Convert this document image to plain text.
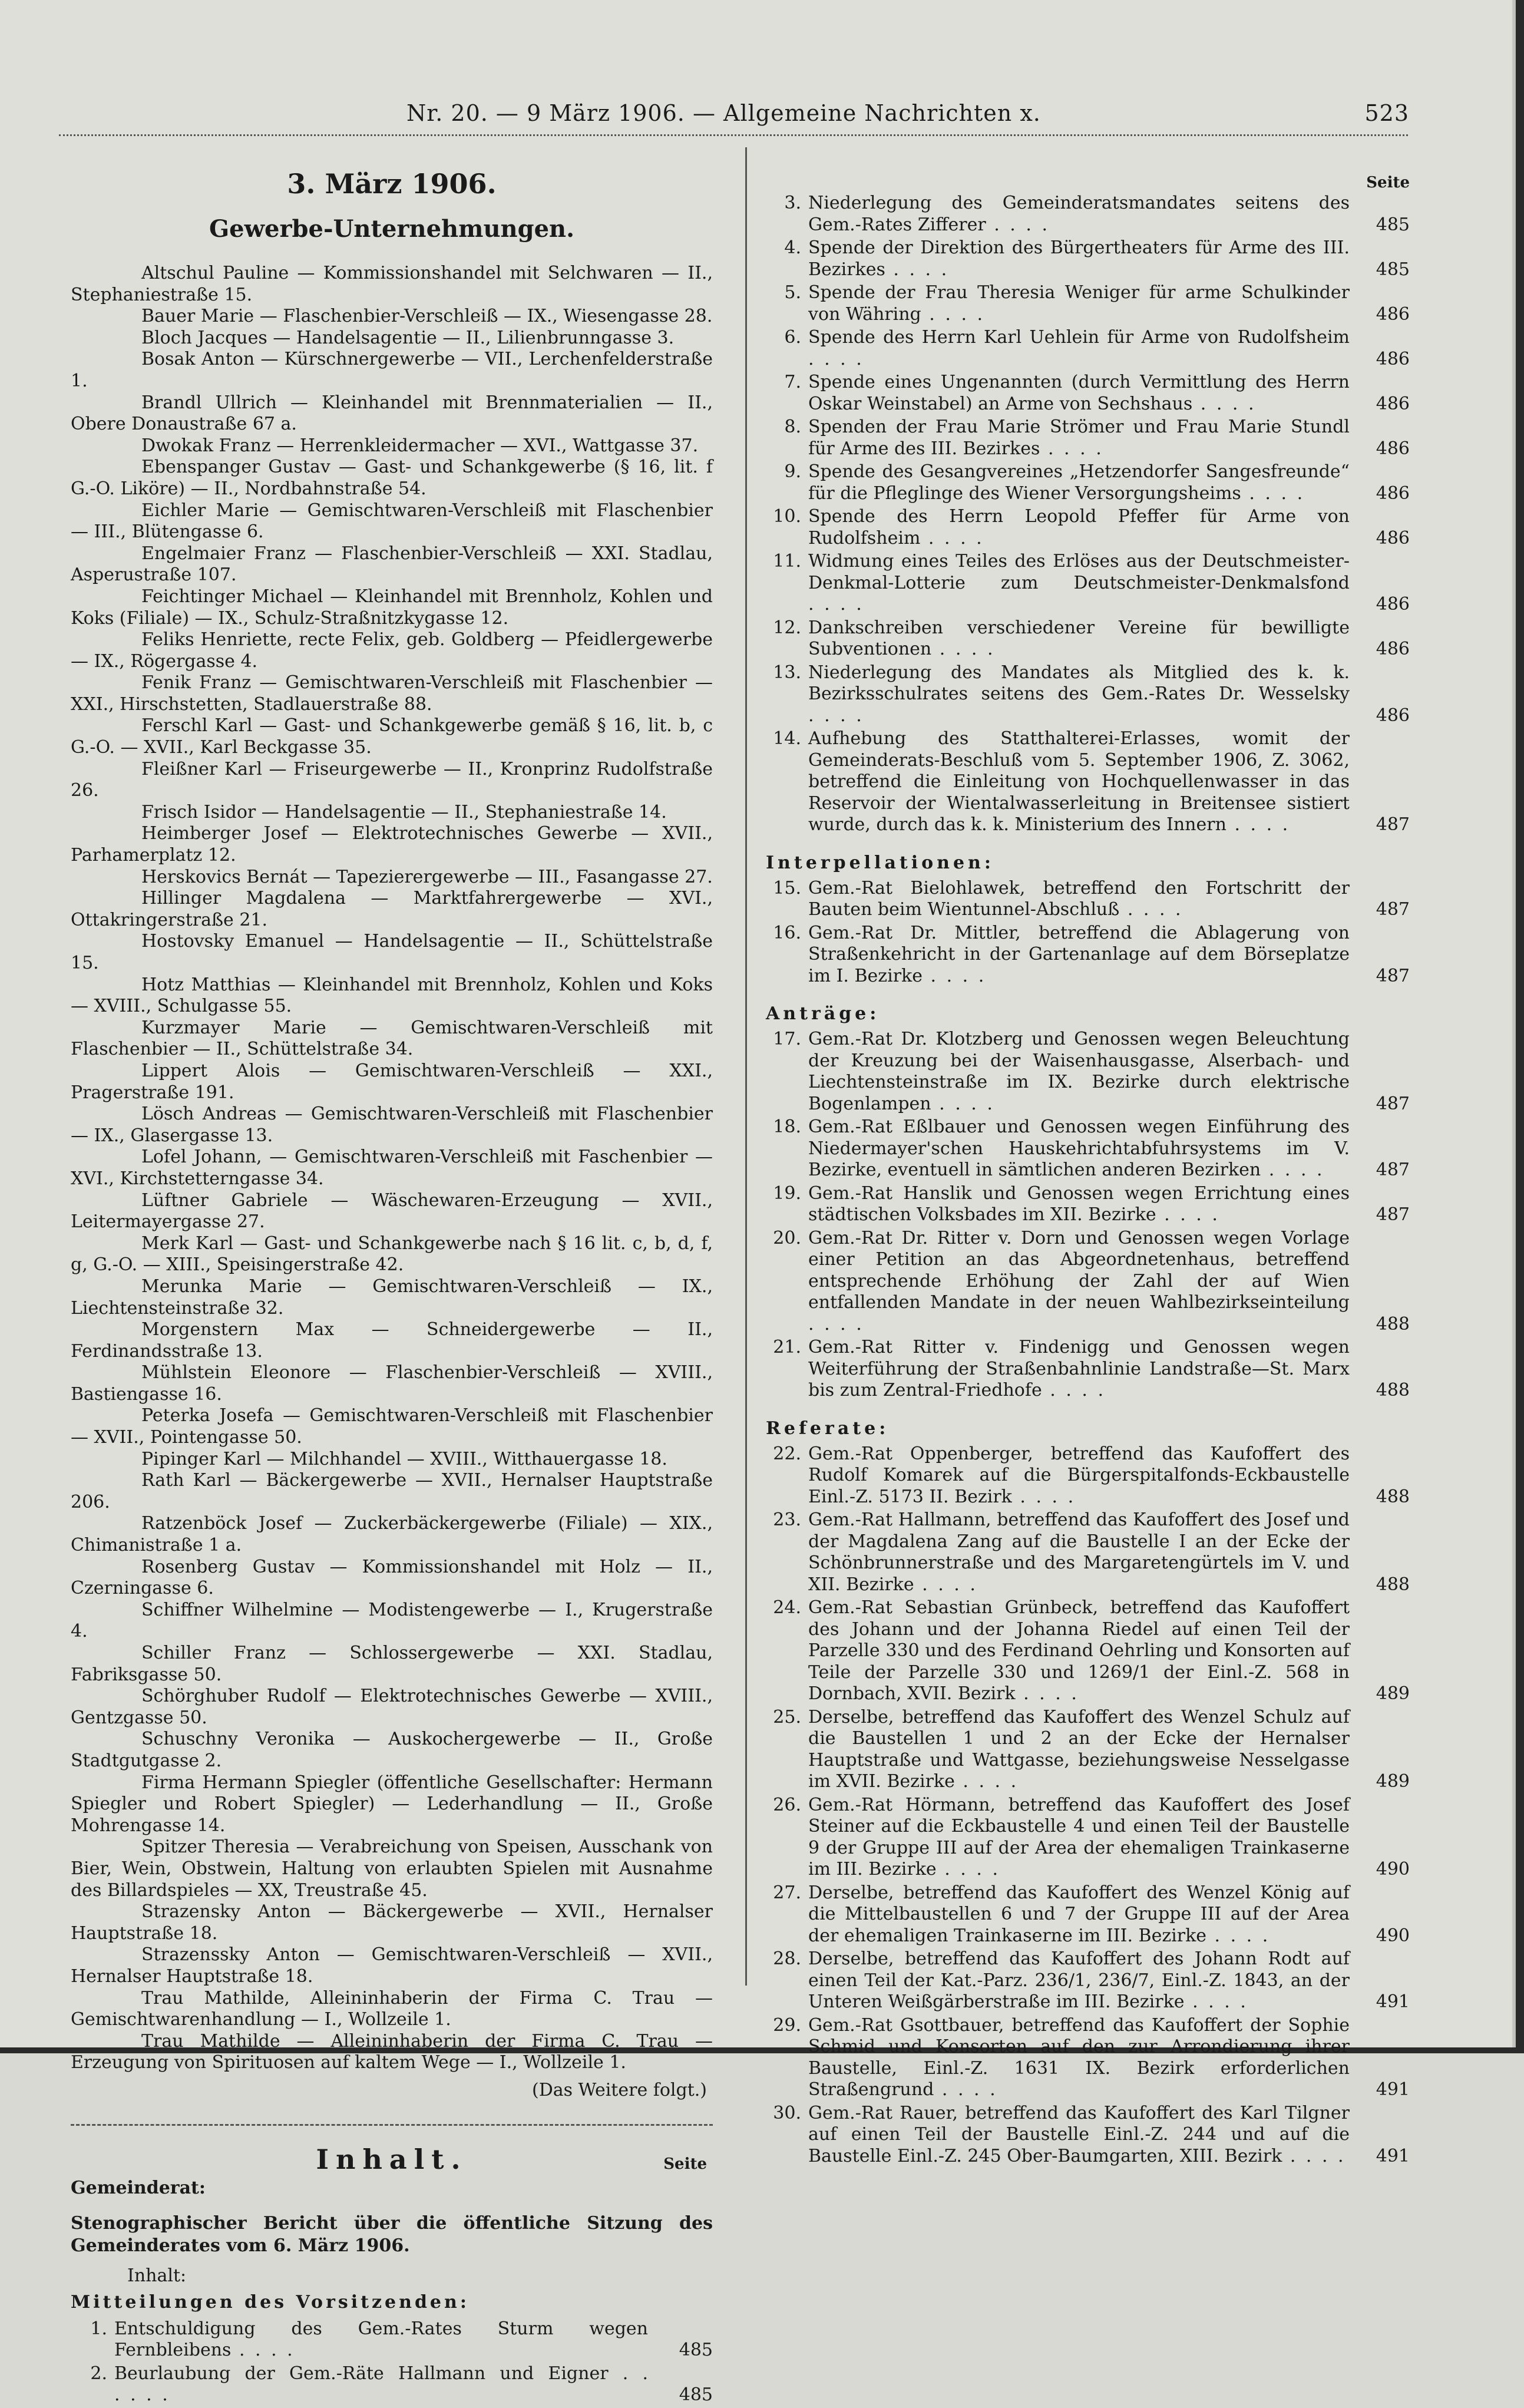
Nr. 20. — 9 März 1906. — Allgemeine Nachrichten x.	523
3. März 1906.
Gewerbe-Unternehmungen.

Altschul Pauline — Kommissionshandel mit Selchwaren — II., Stephaniestraße 15.

Bauer Marie — Flaschenbier-Verschleiß — IX., Wiesengasse 28.

Bloch Jacques — Handelsagentie — II., Lilienbrunngasse 3.

Bosak Anton — Kürschnergewerbe — VII., Lerchenfelderstraße 1.

Brandl Ullrich — Kleinhandel mit Brennmaterialien — II., Obere Donaustraße 67 a.

Dwokak Franz — Herrenkleidermacher — XVI., Wattgasse 37.

Ebenspanger Gustav — Gast- und Schankgewerbe (§ 16, lit. f G.-O. Liköre) — II., Nordbahnstraße 54.

Eichler Marie — Gemischtwaren-Verschleiß mit Flaschenbier — III., Blütengasse 6.

Engelmaier Franz — Flaschenbier-Verschleiß — XXI. Stadlau, Asperustraße 107.

Feichtinger Michael — Kleinhandel mit Brennholz, Kohlen und Koks (Filiale) — IX., Schulz-Straßnitzkygasse 12.

Feliks Henriette, recte Felix, geb. Goldberg — Pfeidlergewerbe — IX., Rögergasse 4.

Fenik Franz — Gemischtwaren-Verschleiß mit Flaschenbier — XXI., Hirschstetten, Stadlauerstraße 88.

Ferschl Karl — Gast- und Schankgewerbe gemäß § 16, lit. b, c G.-O. — XVII., Karl Beckgasse 35.

Fleißner Karl — Friseurgewerbe — II., Kronprinz Rudolfstraße 26.

Frisch Isidor — Handelsagentie — II., Stephaniestraße 14.

Heimberger Josef — Elektrotechnisches Gewerbe — XVII., Parhamerplatz 12.

Herskovics Bernát — Tapezierergewerbe — III., Fasangasse 27.

Hillinger Magdalena — Marktfahrergewerbe — XVI., Ottakringerstraße 21.

Hostovsky Emanuel — Handelsagentie — II., Schüttelstraße 15.

Hotz Matthias — Kleinhandel mit Brennholz, Kohlen und Koks — XVIII., Schulgasse 55.

Kurzmayer Marie — Gemischtwaren-Verschleiß mit Flaschenbier — II., Schüttelstraße 34.

Lippert Alois — Gemischtwaren-Verschleiß — XXI., Pragerstraße 191.

Lösch Andreas — Gemischtwaren-Verschleiß mit Flaschenbier — IX., Glasergasse 13.

Lofel Johann, — Gemischtwaren-Verschleiß mit Faschenbier — XVI., Kirchstetterngasse 34.

Lüftner Gabriele — Wäschewaren-Erzeugung — XVII., Leitermayergasse 27.

Merk Karl — Gast- und Schankgewerbe nach § 16 lit. c, b, d, f, g, G.-O. — XIII., Speisingerstraße 42.

Merunka Marie — Gemischtwaren-Verschleiß — IX., Liechtensteinstraße 32.

Morgenstern Max — Schneidergewerbe — II., Ferdinandsstraße 13.

Mühlstein Eleonore — Flaschenbier-Verschleiß — XVIII., Bastiengasse 16.

Peterka Josefa — Gemischtwaren-Verschleiß mit Flaschenbier — XVII., Pointengasse 50.

Pipinger Karl — Milchhandel — XVIII., Witthauergasse 18.

Rath Karl — Bäckergewerbe — XVII., Hernalser Hauptstraße 206.

Ratzenböck Josef — Zuckerbäckergewerbe (Filiale) — XIX., Chimanistraße 1 a.

Rosenberg Gustav — Kommissionshandel mit Holz — II., Czerningasse 6.

Schiffner Wilhelmine — Modistengewerbe — I., Krugerstraße 4.

Schiller Franz — Schlossergewerbe — XXI. Stadlau, Fabriksgasse 50.

Schörghuber Rudolf — Elektrotechnisches Gewerbe — XVIII., Gentzgasse 50.

Schuschny Veronika — Auskochergewerbe — II., Große Stadtgutgasse 2.

Firma Hermann Spiegler (öffentliche Gesellschafter: Hermann Spiegler und Robert Spiegler) — Lederhandlung — II., Große Mohrengasse 14.

Spitzer Theresia — Verabreichung von Speisen, Ausschank von Bier, Wein, Obstwein, Haltung von erlaubten Spielen mit Ausnahme des Billardspieles — XX, Treustraße 45.

Strazensky Anton — Bäckergewerbe — XVII., Hernalser Hauptstraße 18.

Strazenssky Anton — Gemischtwaren-Verschleiß — XVII., Hernalser Hauptstraße 18.

Trau Mathilde, Alleininhaberin der Firma C. Trau — Gemischtwarenhandlung — I., Wollzeile 1.

Trau Mathilde — Alleininhaberin der Firma C. Trau — Erzeugung von Spirituosen auf kaltem Wege — I., Wollzeile 1.

(Das Weitere folgt.)
Inhalt.	Seite
Gemeinderat:
Stenographischer Bericht über die öffentliche Sitzung des Gemeinderates vom 6. März 1906.
Inhalt:
Mitteilungen des Vorsitzenden:
1. Entschuldigung des Gem.-Rates Sturm wegen Fernbleibens . . . .	485
2. Beurlaubung der Gem.-Räte Hallmann und Eigner . . . . . .	485
Seite
3. Niederlegung des Gemeinderatsmandates seitens des Gem.-Rates Zifferer . . . .	485
4. Spende der Direktion des Bürgertheaters für Arme des III. Bezirkes . . . .	485
5. Spende der Frau Theresia Weniger für arme Schulkinder von Währing . . . .	486
6. Spende des Herrn Karl Uehlein für Arme von Rudolfsheim . . . .	486
7. Spende eines Ungenannten (durch Vermittlung des Herrn Oskar Weinstabel) an Arme von Sechshaus . . . .	486
8. Spenden der Frau Marie Strömer und Frau Marie Stundl für Arme des III. Bezirkes . . . .	486
9. Spende des Gesangvereines „Hetzendorfer Sangesfreunde“ für die Pfleglinge des Wiener Versorgungsheims . . . .	486
10. Spende des Herrn Leopold Pfeffer für Arme von Rudolfsheim . . . .	486
11. Widmung eines Teiles des Erlöses aus der Deutschmeister-Denkmal-Lotterie zum Deutschmeister-Denkmalsfond . . . .	486
12. Dankschreiben verschiedener Vereine für bewilligte Subventionen . . . .	486
13. Niederlegung des Mandates als Mitglied des k. k. Bezirksschulrates seitens des Gem.-Rates Dr. Wesselsky . . . .	486
14. Aufhebung des Statthalterei-Erlasses, womit der Gemeinderats-Beschluß vom 5. September 1906, Z. 3062, betreffend die Einleitung von Hochquellenwasser in das Reservoir der Wientalwasserleitung in Breitensee sistiert wurde, durch das k. k. Ministerium des Innern . . . .	487
Interpellationen:
15. Gem.-Rat Bielohlawek, betreffend den Fortschritt der Bauten beim Wientunnel-Abschluß . . . .	487
16. Gem.-Rat Dr. Mittler, betreffend die Ablagerung von Straßenkehricht in der Gartenanlage auf dem Börseplatze im I. Bezirke . . . .	487
Anträge:
17. Gem.-Rat Dr. Klotzberg und Genossen wegen Beleuchtung der Kreuzung bei der Waisenhausgasse, Alserbach- und Liechtensteinstraße im IX. Bezirke durch elektrische Bogenlampen . . . .	487
18. Gem.-Rat Eßlbauer und Genossen wegen Einführung des Niedermayer'schen Hauskehrichtabfuhrsystems im V. Bezirke, eventuell in sämtlichen anderen Bezirken . . . .	487
19. Gem.-Rat Hanslik und Genossen wegen Errichtung eines städtischen Volksbades im XII. Bezirke . . . .	487
20. Gem.-Rat Dr. Ritter v. Dorn und Genossen wegen Vorlage einer Petition an das Abgeordnetenhaus, betreffend entsprechende Erhöhung der Zahl der auf Wien entfallenden Mandate in der neuen Wahlbezirkseinteilung . . . .	488
21. Gem.-Rat Ritter v. Findenigg und Genossen wegen Weiterführung der Straßenbahnlinie Landstraße—St. Marx bis zum Zentral-Friedhofe . . . .	488
Referate:
22. Gem.-Rat Oppenberger, betreffend das Kaufoffert des Rudolf Komarek auf die Bürgerspitalfonds-Eckbaustelle Einl.-Z. 5173 II. Bezirk . . . .	488
23. Gem.-Rat Hallmann, betreffend das Kaufoffert des Josef und der Magdalena Zang auf die Baustelle I an der Ecke der Schönbrunnerstraße und des Margaretengürtels im V. und XII. Bezirke . . . .	488
24. Gem.-Rat Sebastian Grünbeck, betreffend das Kaufoffert des Johann und der Johanna Riedel auf einen Teil der Parzelle 330 und des Ferdinand Oehrling und Konsorten auf Teile der Parzelle 330 und 1269/1 der Einl.-Z. 568 in Dornbach, XVII. Bezirk . . . .	489
25. Derselbe, betreffend das Kaufoffert des Wenzel Schulz auf die Baustellen 1 und 2 an der Ecke der Hernalser Hauptstraße und Wattgasse, beziehungsweise Nesselgasse im XVII. Bezirke . . . .	489
26. Gem.-Rat Hörmann, betreffend das Kaufoffert des Josef Steiner auf die Eckbaustelle 4 und einen Teil der Baustelle 9 der Gruppe III auf der Area der ehemaligen Trainkaserne im III. Bezirke . . . .	490
27. Derselbe, betreffend das Kaufoffert des Wenzel König auf die Mittelbaustellen 6 und 7 der Gruppe III auf der Area der ehemaligen Trainkaserne im III. Bezirke . . . .	490
28. Derselbe, betreffend das Kaufoffert des Johann Rodt auf einen Teil der Kat.-Parz. 236/1, 236/7, Einl.-Z. 1843, an der Unteren Weißgärberstraße im III. Bezirke . . . .	491
29. Gem.-Rat Gsottbauer, betreffend das Kaufoffert der Sophie Schmid und Konsorten auf den zur Arrondierung ihrer Baustelle, Einl.-Z. 1631 IX. Bezirk erforderlichen Straßengrund . . . .	491
30. Gem.-Rat Rauer, betreffend das Kaufoffert des Karl Tilgner auf einen Teil der Baustelle Einl.-Z. 244 und auf die Baustelle Einl.-Z. 245 Ober-Baumgarten, XIII. Bezirk . . . .	491
